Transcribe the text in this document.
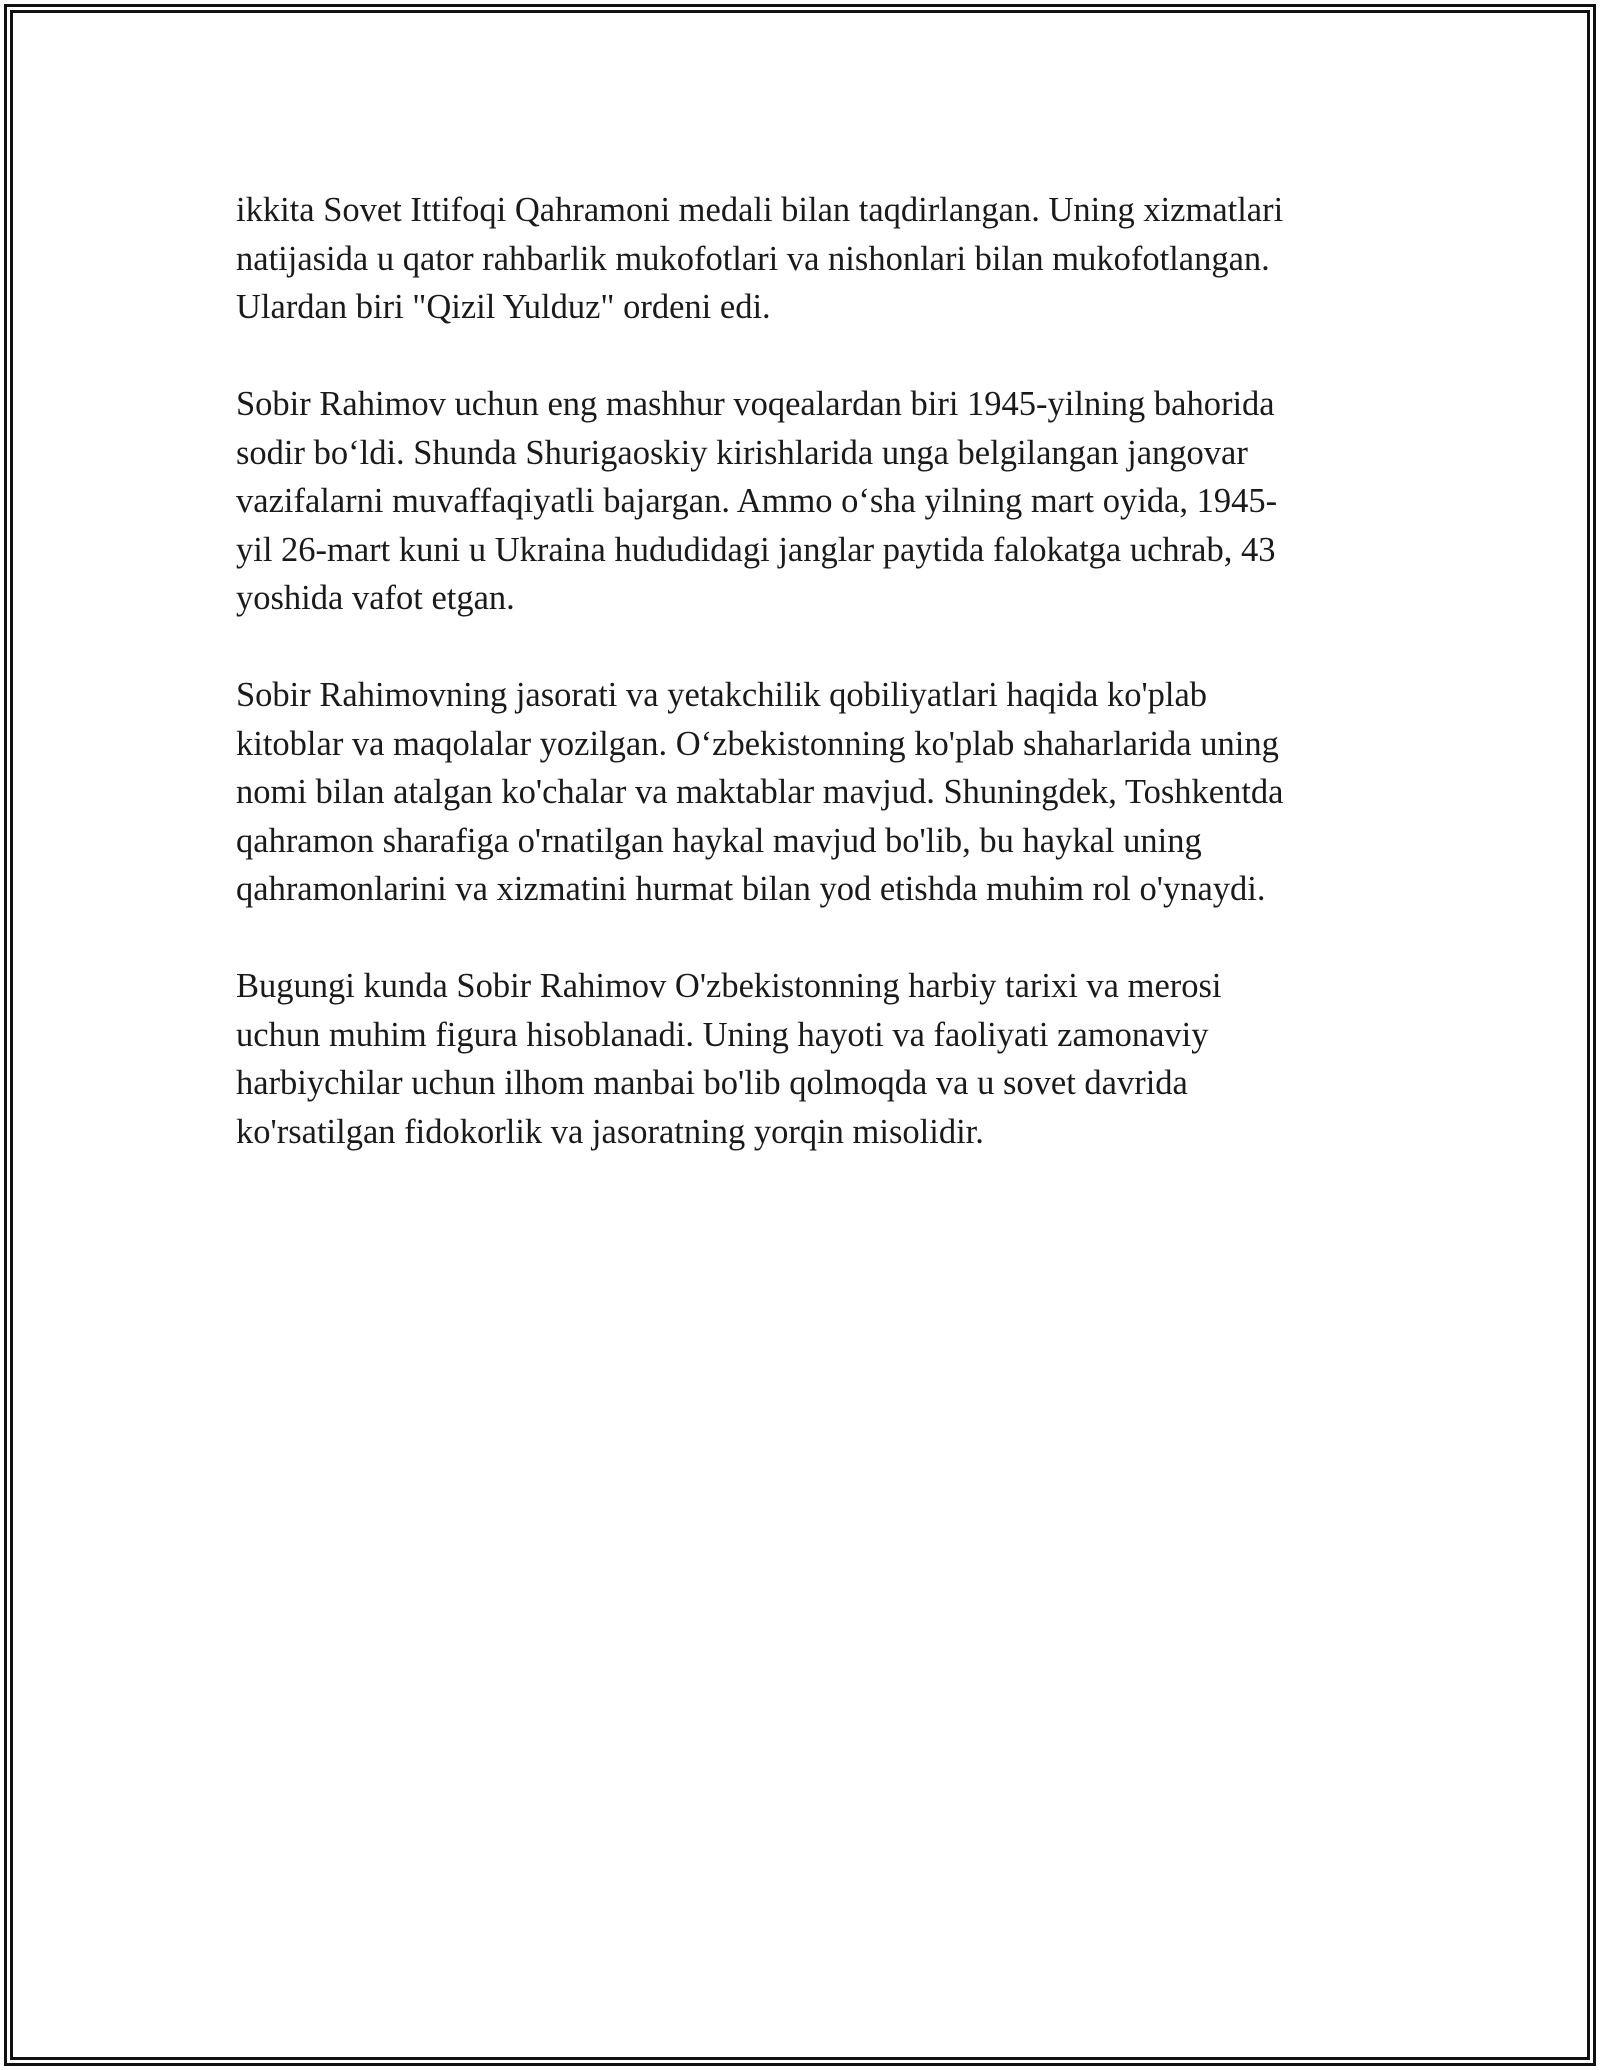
ikkita Sovet Ittifoqi Qahramoni medali bilan taqdirlangan. Uning xizmatlari
natijasida u qator rahbarlik mukofotlari va nishonlari bilan mukofotlangan.
Ulardan biri "Qizil Yulduz" ordeni edi.

Sobir Rahimov uchun eng mashhur voqealardan biri 1945-yilning bahorida
sodir bo‘ldi. Shunda Shurigaoskiy kirishlarida unga belgilangan jangovar
vazifalarni muvaffaqiyatli bajargan. Ammo o‘sha yilning mart oyida, 1945-
yil 26-mart kuni u Ukraina hududidagi janglar paytida falokatga uchrab, 43
yoshida vafot etgan.

Sobir Rahimovning jasorati va yetakchilik qobiliyatlari haqida ko'plab
kitoblar va maqolalar yozilgan. O‘zbekistonning ko'plab shaharlarida uning
nomi bilan atalgan ko'chalar va maktablar mavjud. Shuningdek, Toshkentda
qahramon sharafiga o'rnatilgan haykal mavjud bo'lib, bu haykal uning
qahramonlarini va xizmatini hurmat bilan yod etishda muhim rol o'ynaydi.

Bugungi kunda Sobir Rahimov O'zbekistonning harbiy tarixi va merosi
uchun muhim figura hisoblanadi. Uning hayoti va faoliyati zamonaviy
harbiychilar uchun ilhom manbai bo'lib qolmoqda va u sovet davrida
ko'rsatilgan fidokorlik va jasoratning yorqin misolidir.
